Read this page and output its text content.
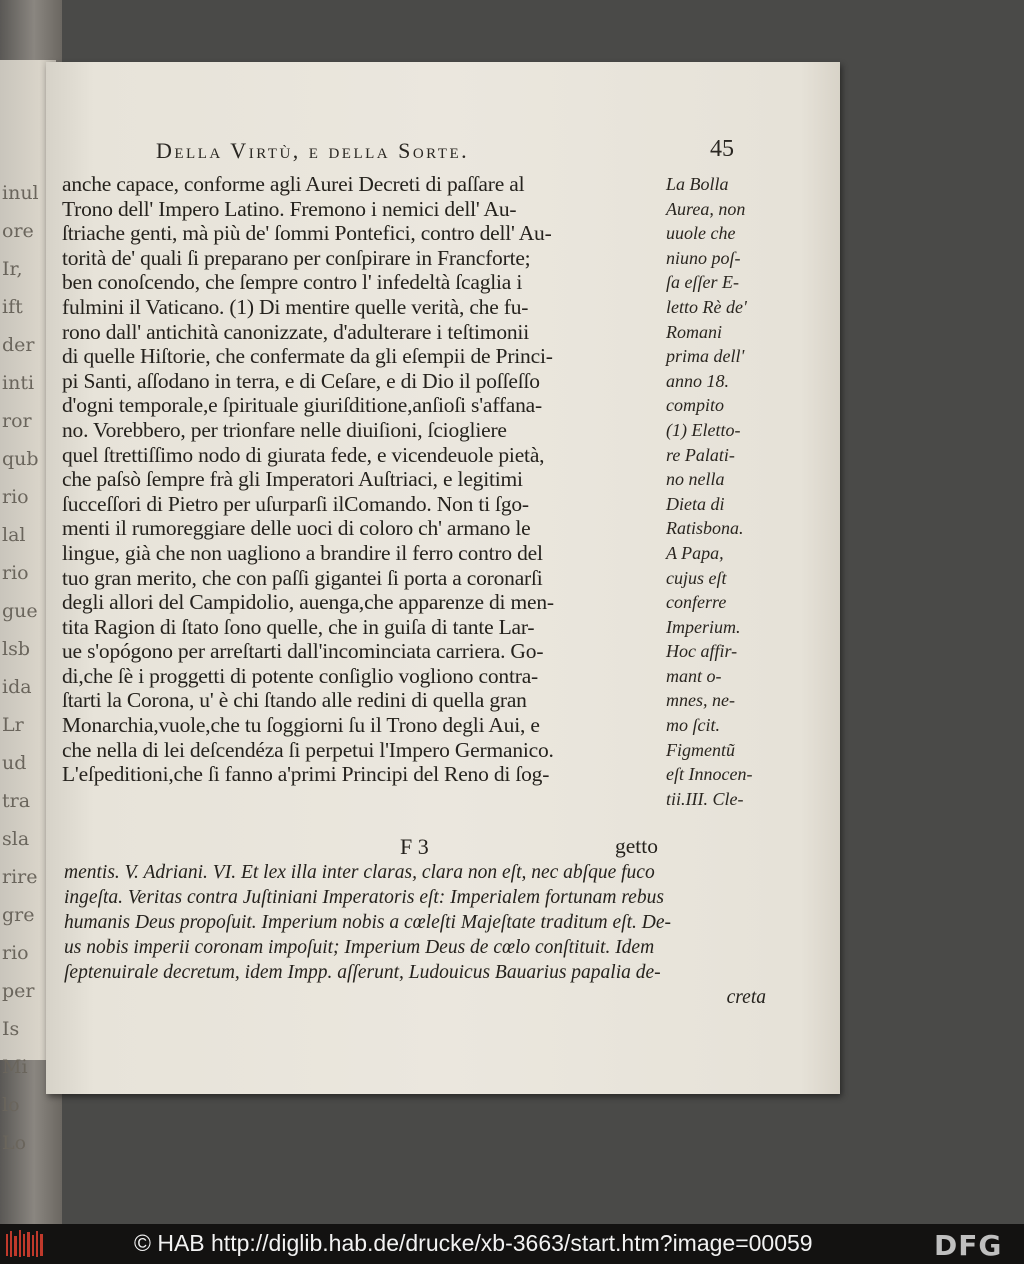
inul
ore
Ir,
ift
der
inti
ror
qub
rio
lal
rio
gue
lsb
ida
Lr
ud
tra
sla
rire
gre
rio
per
Is
Mi
lo
Lo
Della Virtù, e della Sorte.	45
anche capace, conforme agli Aurei Decreti di paſſare al
Trono dell' Impero Latino. Fremono i nemici dell' Au-
ſtriache genti, mà più de' ſommi Pontefici, contro dell' Au-
torità de' quali ſi preparano per conſpirare in Francforte;
ben conoſcendo, che ſempre contro l' infedeltà ſcaglia i
fulmini il Vaticano. (1) Di mentire quelle verità, che fu-
rono dall' antichità canonizzate, d'adulterare i teſtimonii
di quelle Hiſtorie, che confermate da gli eſempii de Princi-
pi Santi, aſſodano in terra, e di Ceſare, e di Dio il poſſeſſo
d'ogni temporale,e ſpirituale giuriſditione,anſioſi s'affana-
no. Vorebbero, per trionfare nelle diuiſioni, ſciogliere
quel ſtrettiſſimo nodo di giurata fede, e vicendeuole pietà,
che paſsò ſempre frà gli Imperatori Auſtriaci, e legitimi
ſucceſſori di Pietro per uſurparſi ilComando. Non ti ſgo-
menti il rumoreggiare delle uoci di coloro ch' armano le
lingue, già che non uagliono a brandire il ferro contro del
tuo gran merito, che con paſſi gigantei ſi porta a coronarſi
degli allori del Campidolio, auenga,che apparenze di men-
tita Ragion di ſtato ſono quelle, che in guiſa di tante Lar-
ue s'opógono per arreſtarti dall'incominciata carriera. Go-
di,che ſè i proggetti di potente conſiglio vogliono contra-
ſtarti la Corona, u' è chi ſtando alle redini di quella gran
Monarchia,vuole,che tu ſoggiorni ſu il Trono degli Aui, e
che nella di lei deſcendéza ſi perpetui l'Impero Germanico.
L'eſpeditioni,che ſi fanno a'primi Principi del Reno di ſog-
La Bolla
Aurea, non
uuole che
niuno poſ-
ſa eſſer E-
letto Rè de'
Romani
prima dell'
anno 18.
compito
(1) Eletto-
re Palati-
no nella
Dieta di
Ratisbona.
A Papa,
cujus eſt
conferre
Imperium.
Hoc affir-
mant o-
mnes, ne-
mo ſcit.
Figmentũ
eſt Innocen-
tii.III. Cle-
F 3	getto
mentis. V. Adriani. VI. Et lex illa inter claras, clara non eſt, nec abſque fuco
ingeſta. Veritas contra Juſtiniani Imperatoris eſt: Imperialem fortunam rebus
humanis Deus propoſuit. Imperium nobis a cœleſti Majeſtate traditum eſt. De-
us nobis imperii coronam impoſuit; Imperium Deus de cœlo conſtituit. Idem
ſeptenuirale decretum, idem Impp. aſſerunt, Ludouicus Bauarius papalia de-
creta
© HAB http://diglib.hab.de/drucke/xb-3663/start.htm?image=00059	DFG
